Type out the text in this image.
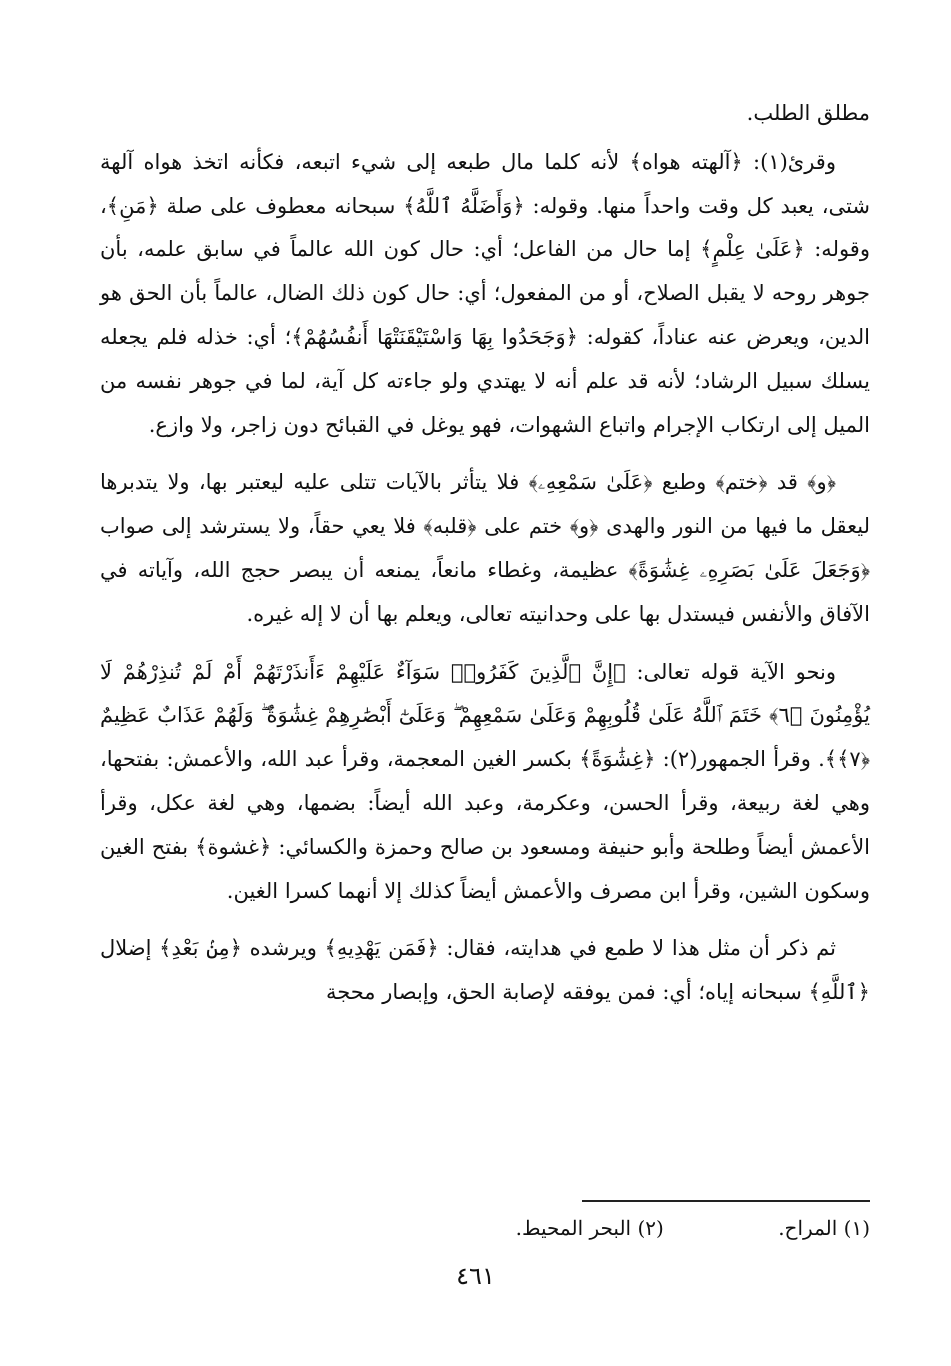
مطلق الطلب.

وقرئ(١): ﴿آلهته هواه﴾ لأنه كلما مال طبعه إلى شيء اتبعه، فكأنه اتخذ هواه آلهة شتى، يعبد كل وقت واحداً منها. وقوله: ﴿وَأَضَلَّهُ ٱللَّهُ﴾ سبحانه معطوف على صلة ﴿مَنِ﴾، وقوله: ﴿عَلَىٰ عِلْمٍ﴾ إما حال من الفاعل؛ أي: حال كون الله عالماً في سابق علمه، بأن جوهر روحه لا يقبل الصلاح، أو من المفعول؛ أي: حال كون ذلك الضال، عالماً بأن الحق هو الدين، ويعرض عنه عناداً، كقوله: ﴿وَجَحَدُوا بِهَا وَاسْتَيْقَنَتْهَا أَنفُسُهُمْ﴾؛ أي: خذله فلم يجعله يسلك سبيل الرشاد؛ لأنه قد علم أنه لا يهتدي ولو جاءته كل آية، لما في جوهر نفسه من الميل إلى ارتكاب الإجرام واتباع الشهوات، فهو يوغل في القبائح دون زاجر، ولا وازع.

﴿و﴾ قد ﴿ختم﴾ وطبع ﴿عَلَىٰ سَمْعِهِۦ﴾ فلا يتأثر بالآيات تتلى عليه ليعتبر بها، ولا يتدبرها ليعقل ما فيها من النور والهدى ﴿و﴾ ختم على ﴿قلبه﴾ فلا يعي حقاً، ولا يسترشد إلى صواب ﴿وَجَعَلَ عَلَىٰ بَصَرِهِۦ غِشَٰوَةً﴾ عظيمة، وغطاء مانعاً، يمنعه أن يبصر حجج الله، وآياته في الآفاق والأنفس فيستدل بها على وحدانيته تعالى، ويعلم بها أن لا إله غيره.

ونحو الآية قوله تعالى: ﴿إِنَّ ٱلَّذِينَ كَفَرُوا۟ سَوَآءٌ عَلَيْهِمْ ءَأَنذَرْتَهُمْ أَمْ لَمْ تُنذِرْهُمْ لَا يُؤْمِنُونَ ﴿٦﴾ خَتَمَ ٱللَّهُ عَلَىٰ قُلُوبِهِمْ وَعَلَىٰ سَمْعِهِمْ ۖ وَعَلَىٰٓ أَبْصَٰرِهِمْ غِشَٰوَةٌ ۖ وَلَهُمْ عَذَابٌ عَظِيمٌ ﴿٧﴾﴾. وقرأ الجمهور(٢): ﴿غِشَٰوَةً﴾ بكسر الغين المعجمة، وقرأ عبد الله، والأعمش: بفتحها، وهي لغة ربيعة، وقرأ الحسن، وعكرمة، وعبد الله أيضاً: بضمها، وهي لغة عكل، وقرأ الأعمش أيضاً وطلحة وأبو حنيفة ومسعود بن صالح وحمزة والكسائي: ﴿غشوة﴾ بفتح الغين وسكون الشين، وقرأ ابن مصرف والأعمش أيضاً كذلك إلا أنهما كسرا الغين.

ثم ذكر أن مثل هذا لا طمع في هدايته، فقال: ﴿فَمَن يَهْدِيهِ﴾ ويرشده ﴿مِنۢ بَعْدِ﴾ إضلال ﴿ٱللَّهِ﴾ سبحانه إياه؛ أي: فمن يوفقه لإصابة الحق، وإبصار محجة

(١) المراح. (٢) البحر المحيط.
٤٦١
